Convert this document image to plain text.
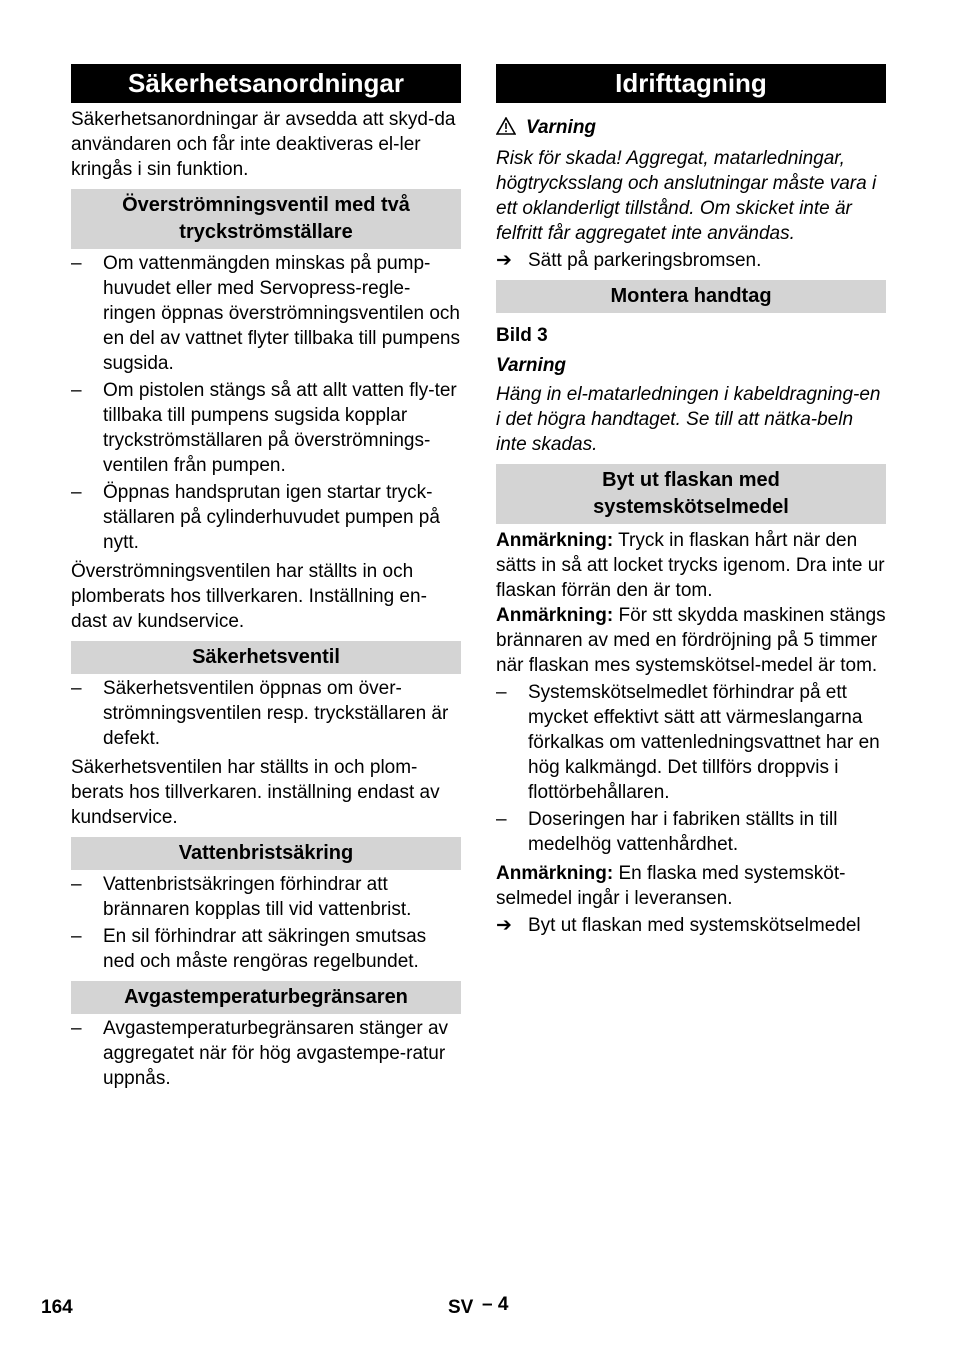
Säkerhetsanordningar

Säkerhetsanordningar är avsedda att skyd-da användaren och får inte deaktiveras el-ler kringås i sin funktion.

Överströmningsventil med två tryckströmställare
– Om vattenmängden minskas på pump-huvudet eller med Servopress-regle-ringen öppnas överströmningsventilen och en del av vattnet flyter tillbaka till pumpens sugsida.
– Om pistolen stängs så att allt vatten fly-ter tillbaka till pumpens sugsida kopplar tryckströmställaren på överströmnings-ventilen från pumpen.
– Öppnas handsprutan igen startar tryck-ställaren på cylinderhuvudet pumpen på nytt.

Överströmningsventilen har ställts in och plomberats hos tillverkaren. Inställning en-dast av kundservice.

Säkerhetsventil
– Säkerhetsventilen öppnas om över-strömningsventilen resp. tryckställaren är defekt.

Säkerhetsventilen har ställts in och plom-berats hos tillverkaren. inställning endast av kundservice.

Vattenbristsäkring
– Vattenbristsäkringen förhindrar att brännaren kopplas till vid vattenbrist.
– En sil förhindrar att säkringen smutsas ned och måste rengöras regelbundet.
Avgastemperaturbegränsaren
– Avgastemperaturbegränsaren stänger av aggregatet när för hög avgastempe-ratur uppnås.
Idrifttagning
Varning

Risk för skada! Aggregat, matarledningar, högtrycksslang och anslutningar måste vara i ett oklanderligt tillstånd. Om skicket inte är felfritt får aggregatet inte användas.

➔ Sätt på parkeringsbromsen.
Montera handtag
Bild 3
Varning

Häng in el-matarledningen i kabeldragning-en i det högra handtaget. Se till att nätka-beln inte skadas.

Byt ut flaskan med systemskötselmedel

Anmärkning: Tryck in flaskan hårt när den sätts in så att locket trycks igenom. Dra inte ur flaskan förrän den är tom.

Anmärkning: För stt skydda maskinen stängs brännaren av med en fördröjning på 5 timmer när flaskan mes systemskötsel-medel är tom.

– Systemskötselmedlet förhindrar på ett mycket effektivt sätt att värmeslangarna förkalkas om vattenledningsvattnet har en hög kalkmängd. Det tillförs droppvis i flottörbehållaren.
– Doseringen har i fabriken ställts in till medelhög vattenhårdhet.

Anmärkning: En flaska med systemsköt-selmedel ingår i leveransen.

➔ Byt ut flaskan med systemskötselmedel
164	SV – 4
